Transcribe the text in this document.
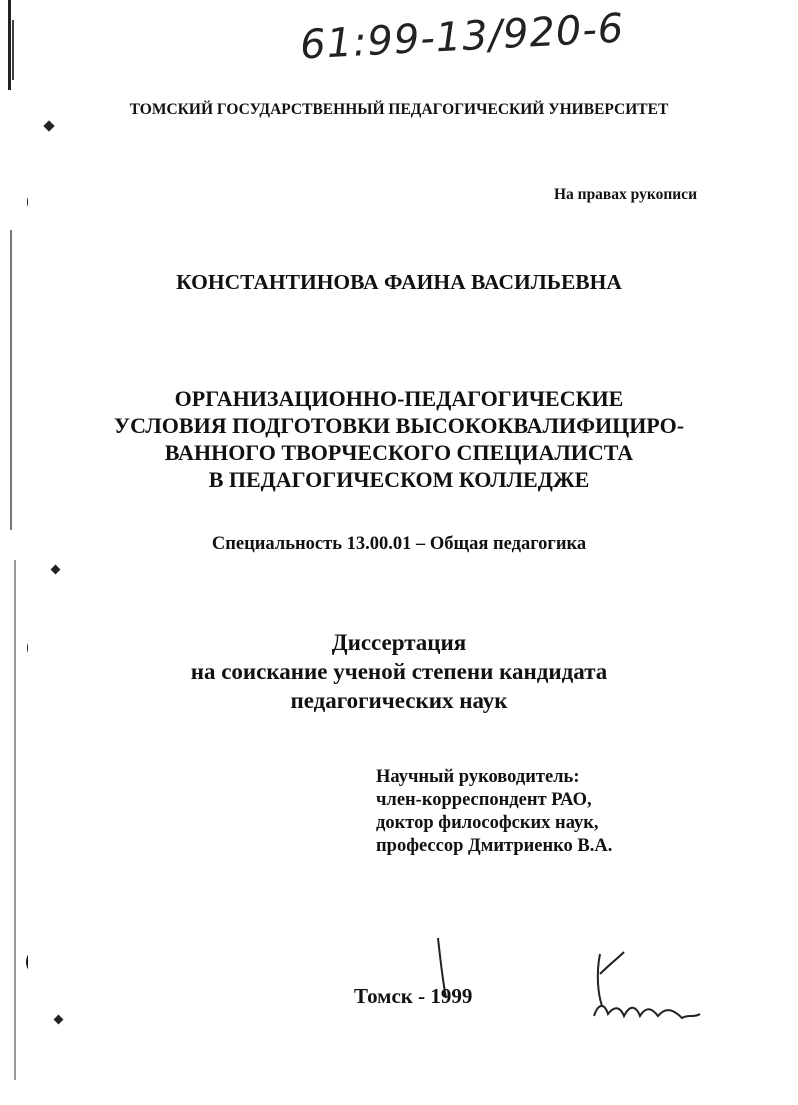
61:99-13/920-6
ТОМСКИЙ ГОСУДАРСТВЕННЫЙ ПЕДАГОГИЧЕСКИЙ УНИВЕРСИТЕТ
На правах рукописи
КОНСТАНТИНОВА ФАИНА ВАСИЛЬЕВНА
ОРГАНИЗАЦИОННО-ПЕДАГОГИЧЕСКИЕ
УСЛОВИЯ ПОДГОТОВКИ ВЫСОКОКВАЛИФИЦИРО-
ВАННОГО ТВОРЧЕСКОГО СПЕЦИАЛИСТА
В ПЕДАГОГИЧЕСКОМ КОЛЛЕДЖЕ
Специальность 13.00.01 – Общая педагогика
Диссертация
на соискание ученой степени кандидата
педагогических наук
Научный руководитель:
член-корреспондент РАО,
доктор философских наук,
профессор Дмитриенко В.А.
Томск - 1999
